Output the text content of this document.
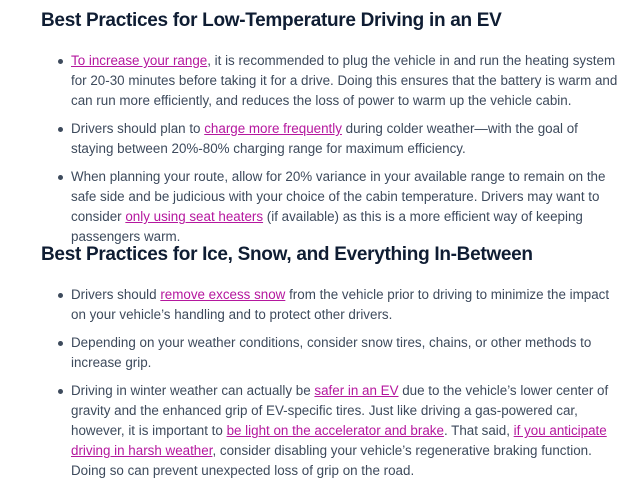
Best Practices for Low-Temperature Driving in an EV
To increase your range, it is recommended to plug the vehicle in and run the heating system for 20-30 minutes before taking it for a drive. Doing this ensures that the battery is warm and can run more efficiently, and reduces the loss of power to warm up the vehicle cabin.
Drivers should plan to charge more frequently during colder weather—with the goal of staying between 20%-80% charging range for maximum efficiency.
When planning your route, allow for 20% variance in your available range to remain on the safe side and be judicious with your choice of the cabin temperature. Drivers may want to consider only using seat heaters (if available) as this is a more efficient way of keeping passengers warm.
Best Practices for Ice, Snow, and Everything In-Between
Drivers should remove excess snow from the vehicle prior to driving to minimize the impact on your vehicle’s handling and to protect other drivers.
Depending on your weather conditions, consider snow tires, chains, or other methods to increase grip.
Driving in winter weather can actually be safer in an EV due to the vehicle’s lower center of gravity and the enhanced grip of EV-specific tires. Just like driving a gas-powered car, however, it is important to be light on the accelerator and brake. That said, if you anticipate driving in harsh weather, consider disabling your vehicle’s regenerative braking function. Doing so can prevent unexpected loss of grip on the road.
